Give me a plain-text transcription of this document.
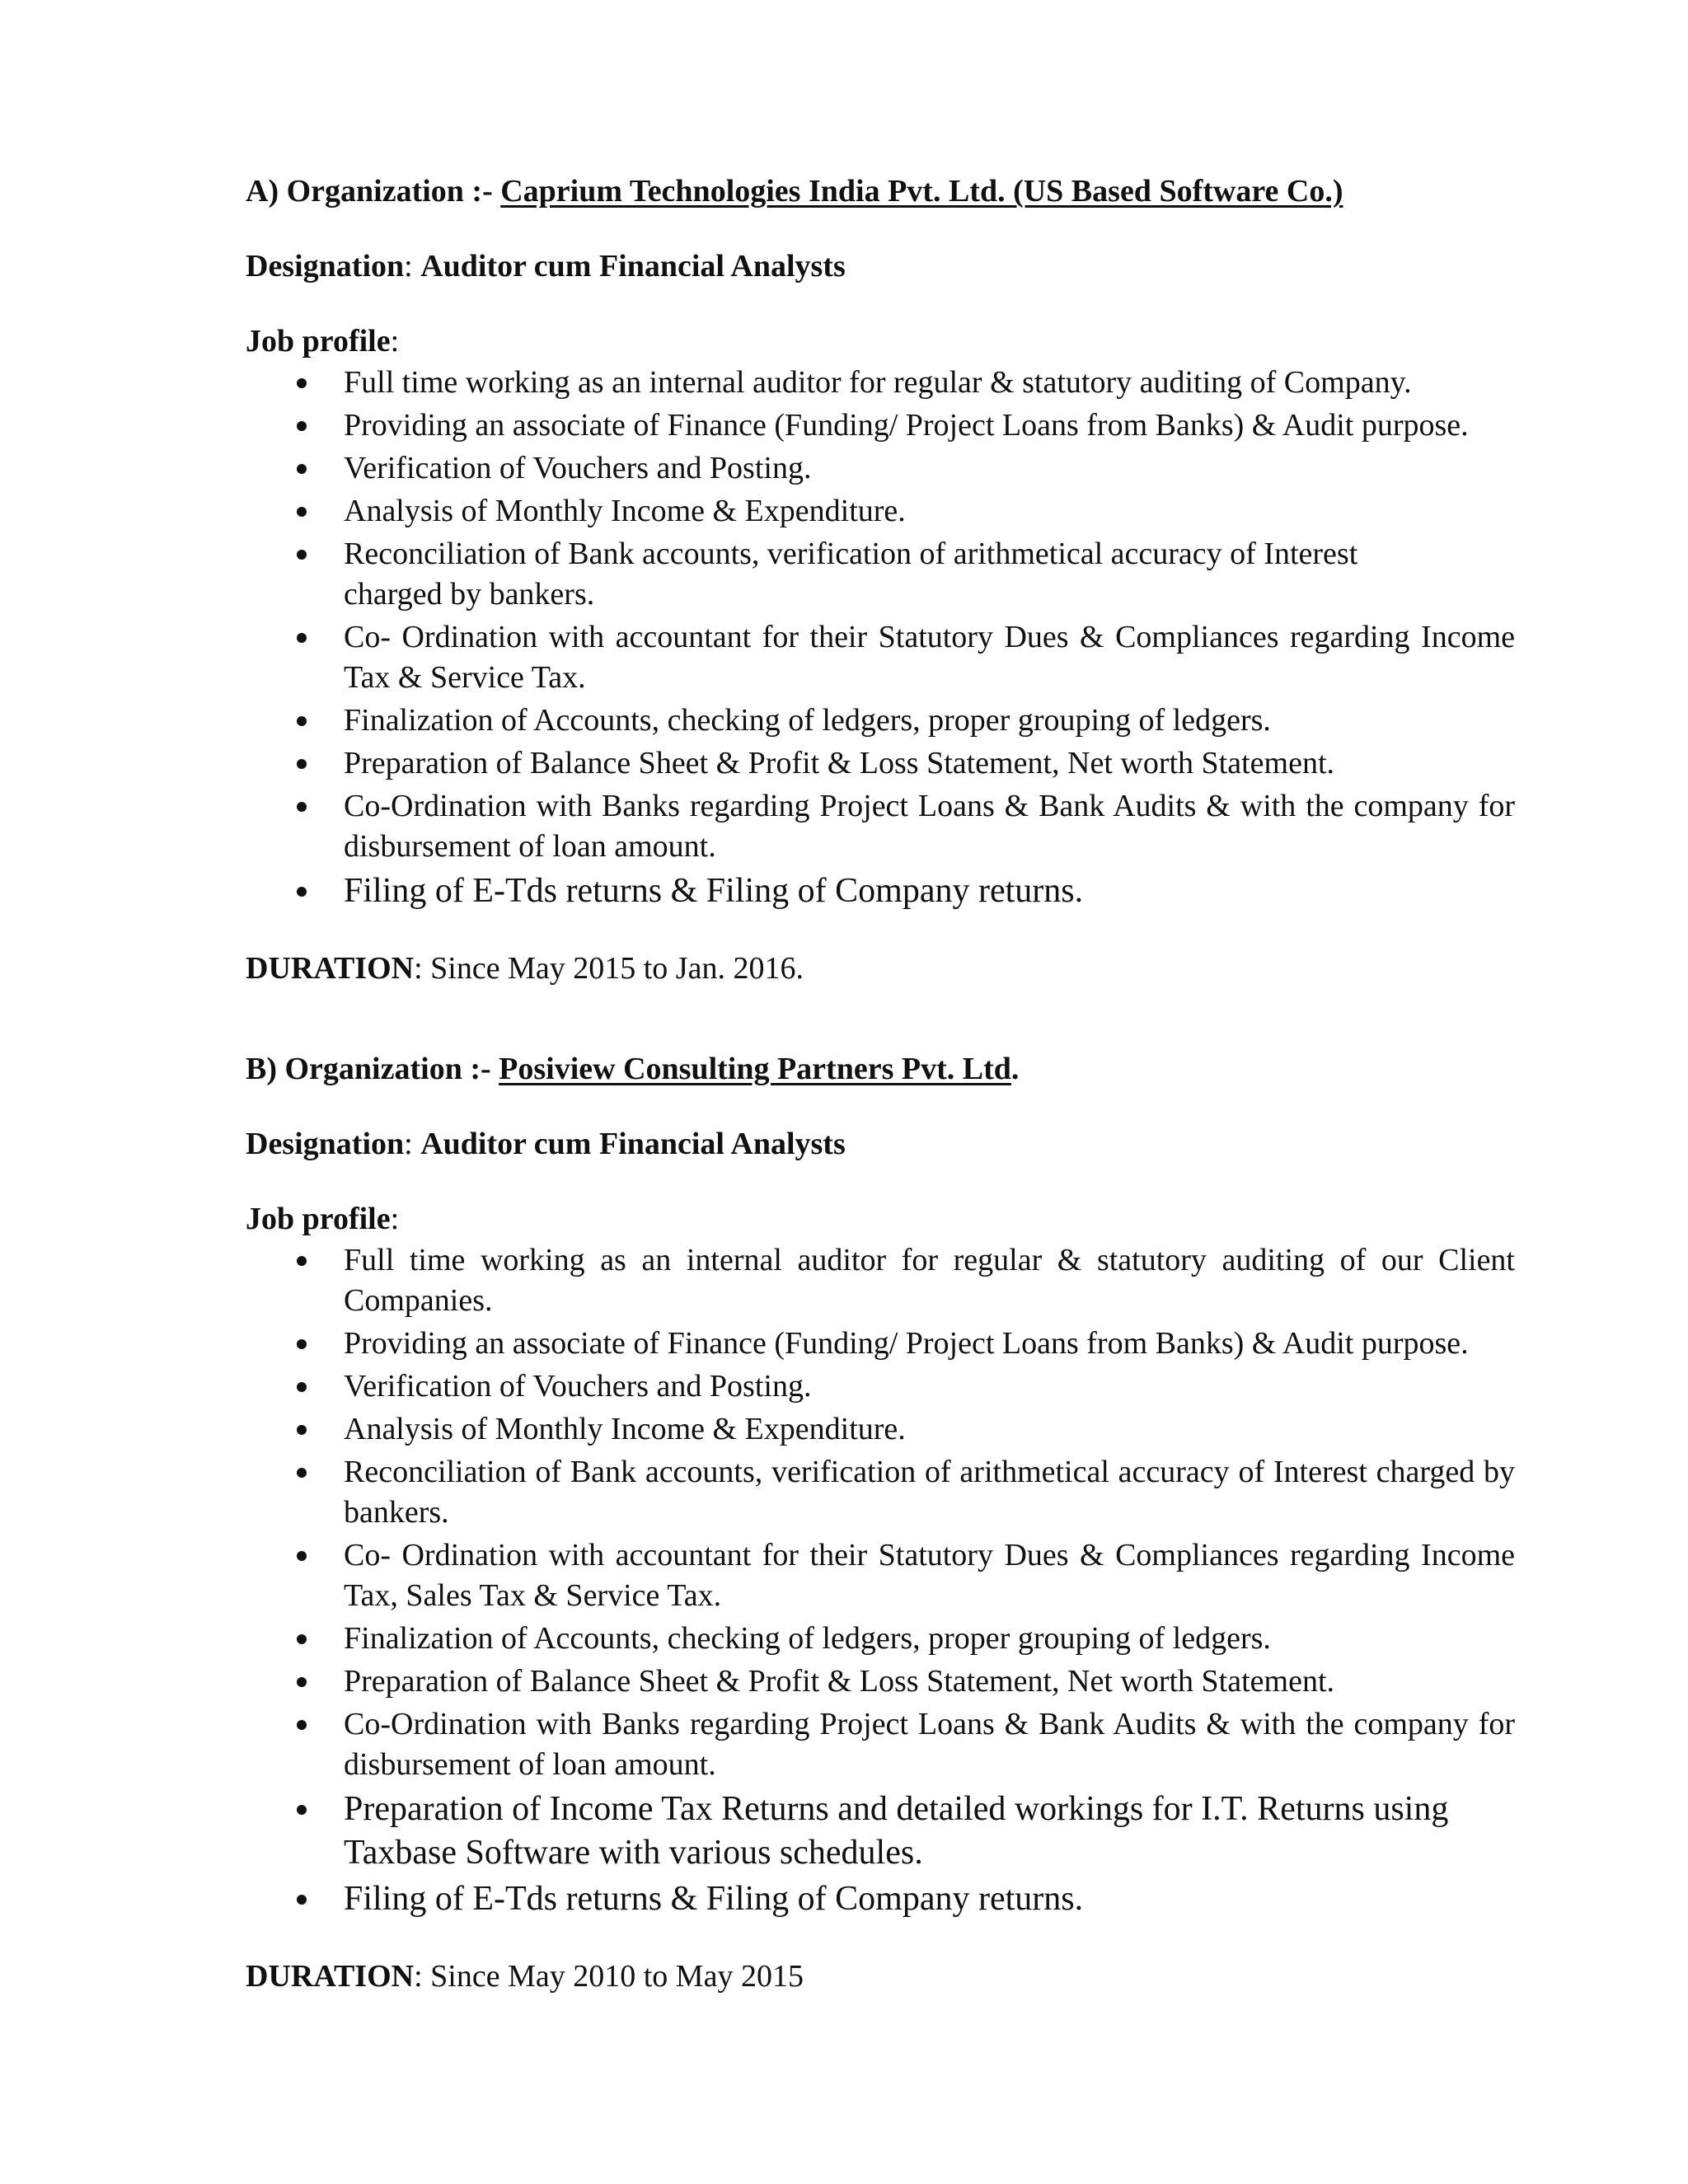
A) Organization :- Caprium Technologies India Pvt. Ltd. (US Based Software Co.)

Designation: Auditor cum Financial Analysts

Job profile:

Full time working as an internal auditor for regular & statutory auditing of Company.
Providing an associate of Finance (Funding/ Project Loans from Banks) & Audit purpose.
Verification of Vouchers and Posting.
Analysis of Monthly Income & Expenditure.
Reconciliation of Bank accounts, verification of arithmetical accuracy of Interest charged by bankers.
Co- Ordination with accountant for their Statutory Dues & Compliances regarding Income Tax & Service Tax.
Finalization of Accounts, checking of ledgers, proper grouping of ledgers.
Preparation of Balance Sheet & Profit & Loss Statement, Net worth Statement.
Co-Ordination with Banks regarding Project Loans & Bank Audits & with the company for disbursement of loan amount.
Filing of E-Tds returns & Filing of Company returns.

DURATION: Since May 2015 to Jan. 2016.

B) Organization :- Posiview Consulting Partners Pvt. Ltd.

Designation: Auditor cum Financial Analysts

Job profile:

Full time working as an internal auditor for regular & statutory auditing of our Client Companies.
Providing an associate of Finance (Funding/ Project Loans from Banks) & Audit purpose.
Verification of Vouchers and Posting.
Analysis of Monthly Income & Expenditure.
Reconciliation of Bank accounts, verification of arithmetical accuracy of Interest charged by bankers.
Co- Ordination with accountant for their Statutory Dues & Compliances regarding Income Tax, Sales Tax & Service Tax.
Finalization of Accounts, checking of ledgers, proper grouping of ledgers.
Preparation of Balance Sheet & Profit & Loss Statement, Net worth Statement.
Co-Ordination with Banks regarding Project Loans & Bank Audits & with the company for disbursement of loan amount.
Preparation of Income Tax Returns and detailed workings for I.T. Returns using Taxbase Software with various schedules.
Filing of E-Tds returns & Filing of Company returns.

DURATION: Since May 2010 to May 2015
